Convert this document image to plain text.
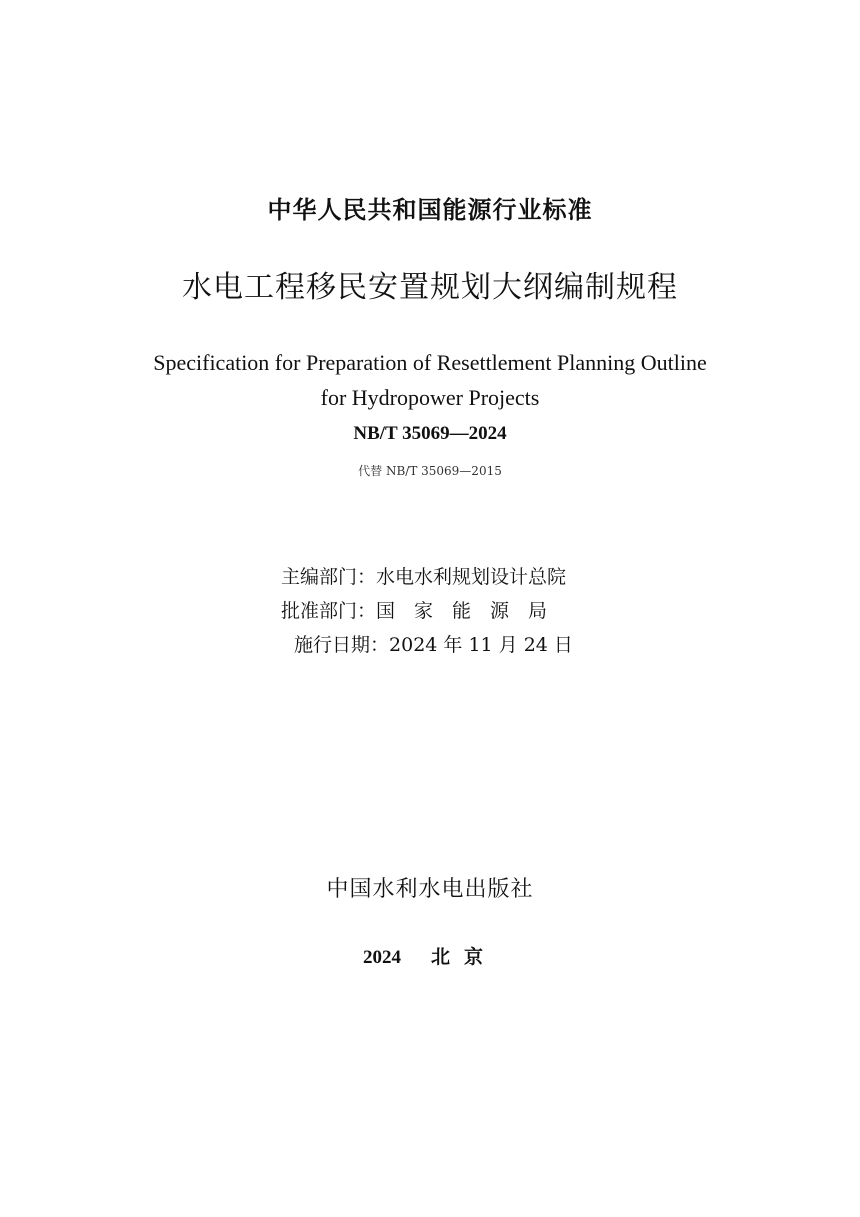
中华人民共和国能源行业标准
水电工程移民安置规划大纲编制规程
Specification for Preparation of Resettlement Planning Outline
for Hydropower Projects
NB/T 35069—2024
代替 NB/T 35069—2015
主编部门：水电水利规划设计总院
批准部门：国家能源局
施行日期：2024 年 11 月 24 日
中国水利水电出版社
2024 北京
